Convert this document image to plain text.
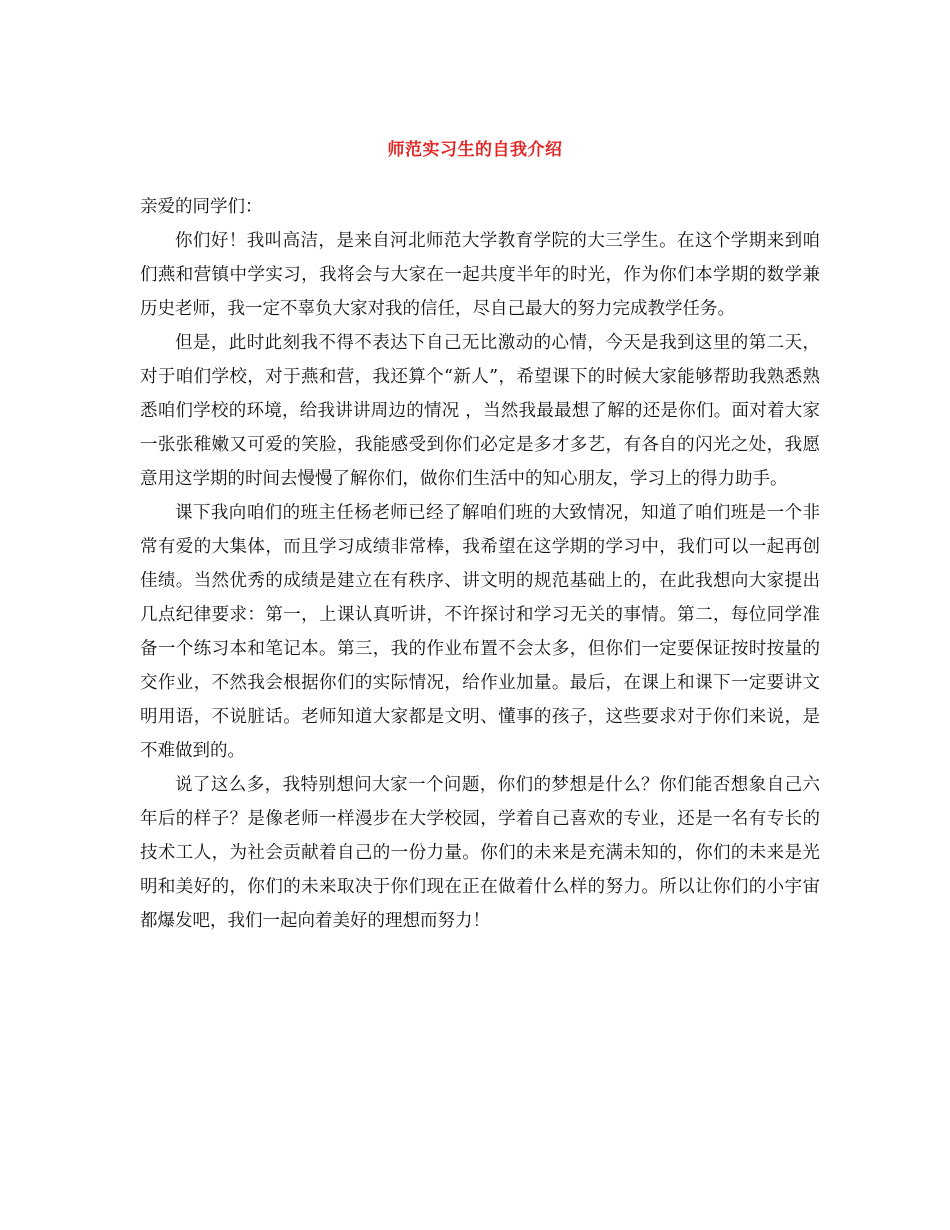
师范实习生的自我介绍

亲爱的同学们：

你们好！我叫高洁，是来自河北师范大学教育学院的大三学生。在这个学期来到咱们燕和营镇中学实习，我将会与大家在一起共度半年的时光，作为你们本学期的数学兼历史老师，我一定不辜负大家对我的信任，尽自己最大的努力完成教学任务。

但是，此时此刻我不得不表达下自己无比激动的心情，今天是我到这里的第二天，对于咱们学校，对于燕和营，我还算个“新人”，希望课下的时候大家能够帮助我熟悉熟悉咱们学校的环境，给我讲讲周边的情况 ，当然我最最想了解的还是你们。面对着大家一张张稚嫩又可爱的笑脸，我能感受到你们必定是多才多艺，有各自的闪光之处，我愿意用这学期的时间去慢慢了解你们，做你们生活中的知心朋友，学习上的得力助手。

课下我向咱们的班主任杨老师已经了解咱们班的大致情况，知道了咱们班是一个非常有爱的大集体，而且学习成绩非常棒，我希望在这学期的学习中，我们可以一起再创佳绩。当然优秀的成绩是建立在有秩序、讲文明的规范基础上的，在此我想向大家提出几点纪律要求：第一，上课认真听讲，不许探讨和学习无关的事情。第二，每位同学准备一个练习本和笔记本。第三，我的作业布置不会太多，但你们一定要保证按时按量的交作业，不然我会根据你们的实际情况，给作业加量。最后，在课上和课下一定要讲文明用语，不说脏话。老师知道大家都是文明、懂事的孩子，这些要求对于你们来说，是不难做到的。

说了这么多，我特别想问大家一个问题，你们的梦想是什么？你们能否想象自己六年后的样子？是像老师一样漫步在大学校园，学着自己喜欢的专业，还是一名有专长的技术工人，为社会贡献着自己的一份力量。你们的未来是充满未知的，你们的未来是光明和美好的，你们的未来取决于你们现在正在做着什么样的努力。所以让你们的小宇宙都爆发吧，我们一起向着美好的理想而努力！
